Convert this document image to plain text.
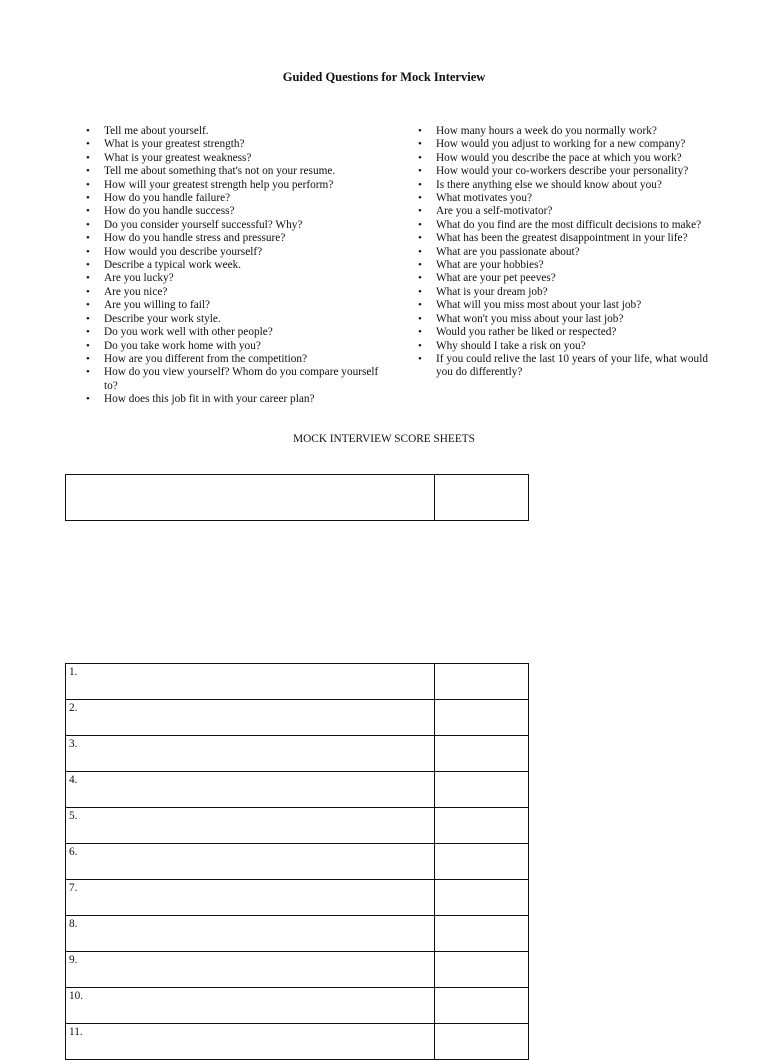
Guided Questions for Mock Interview
• Tell me about yourself.
• What is your greatest strength?
• What is your greatest weakness?
• Tell me about something that's not on your resume.
• How will your greatest strength help you perform?
• How do you handle failure?
• How do you handle success?
• Do you consider yourself successful? Why?
• How do you handle stress and pressure?
• How would you describe yourself?
• Describe a typical work week.
• Are you lucky?
• Are you nice?
• Are you willing to fail?
• Describe your work style.
• Do you work well with other people?
• Do you take work home with you?
• How are you different from the competition?
• How do you view yourself? Whom do you compare yourself to?
• How does this job fit in with your career plan?
• How many hours a week do you normally work?
• How would you adjust to working for a new company?
• How would you describe the pace at which you work?
• How would your co-workers describe your personality?
• Is there anything else we should know about you?
• What motivates you?
• Are you a self-motivator?
• What do you find are the most difficult decisions to make?
• What has been the greatest disappointment in your life?
• What are you passionate about?
• What are your hobbies?
• What are your pet peeves?
• What is your dream job?
• What will you miss most about your last job?
• What won't you miss about your last job?
• Would you rather be liked or respected?
• Why should I take a risk on you?
• If you could relive the last 10 years of your life, what would you do differently?
MOCK INTERVIEW SCORE SHEETS

1.	
2.	
3.	
4.	
5.	
6.	
7.	
8.	
9.	
10.	
11.	
